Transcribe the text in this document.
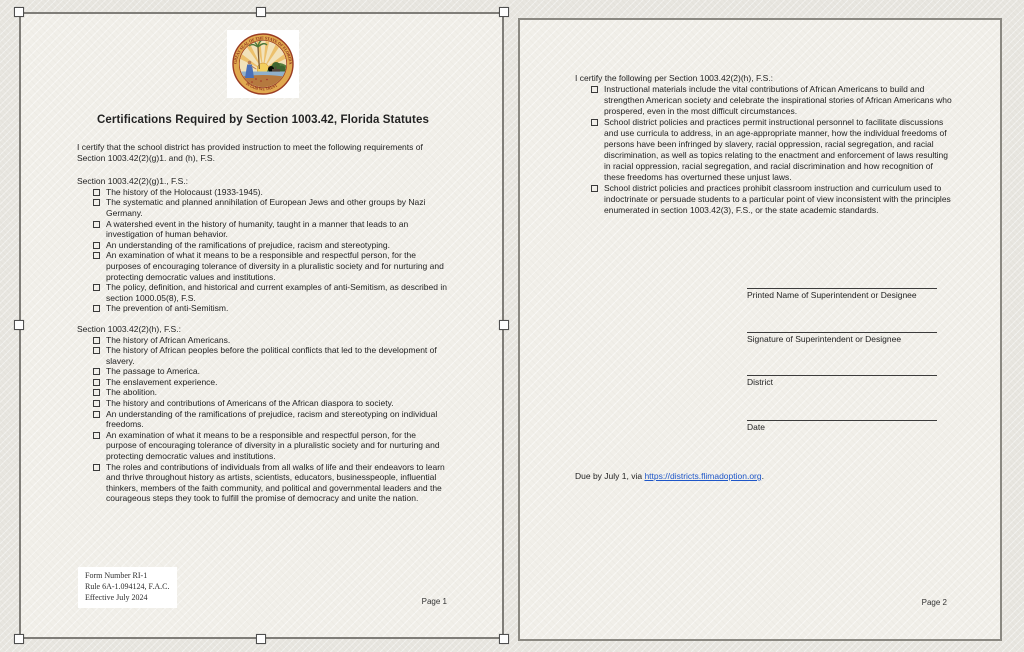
GREAT SEAL OF THE STATE OF FLORIDA
IN GOD WE TRUST
Certifications Required by Section 1003.42, Florida Statutes
I certify that the school district has provided instruction to meet the following requirements of Section 1003.42(2)(g)1. and (h), F.S.
Section 1003.42(2)(g)1., F.S.:
The history of the Holocaust (1933-1945).
The systematic and planned annihilation of European Jews and other groups by Nazi Germany.
A watershed event in the history of humanity, taught in a manner that leads to an investigation of human behavior.
An understanding of the ramifications of prejudice, racism and stereotyping.
An examination of what it means to be a responsible and respectful person, for the purposes of encouraging tolerance of diversity in a pluralistic society and for nurturing and protecting democratic values and institutions.
The policy, definition, and historical and current examples of anti-Semitism, as described in section 1000.05(8), F.S.
The prevention of anti-Semitism.
Section 1003.42(2)(h), F.S.:
The history of African Americans.
The history of African peoples before the political conflicts that led to the development of slavery.
The passage to America.
The enslavement experience.
The abolition.
The history and contributions of Americans of the African diaspora to society.
An understanding of the ramifications of prejudice, racism and stereotyping on individual freedoms.
An examination of what it means to be a responsible and respectful person, for the purpose of encouraging tolerance of diversity in a pluralistic society and for nurturing and protecting democratic values and institutions.
The roles and contributions of individuals from all walks of life and their endeavors to learn and thrive throughout history as artists, scientists, educators, businesspeople, influential thinkers, members of the faith community, and political and governmental leaders and the courageous steps they took to fulfill the promise of democracy and unite the nation.
Form Number RI-1
Rule 6A-1.094124, F.A.C.
Effective July 2024	Page 1
I certify the following per Section 1003.42(2)(h), F.S.:
Instructional materials include the vital contributions of African Americans to build and strengthen American society and celebrate the inspirational stories of African Americans who prospered, even in the most difficult circumstances.
School district policies and practices permit instructional personnel to facilitate discussions and use curricula to address, in an age-appropriate manner, how the individual freedoms of persons have been infringed by slavery, racial oppression, racial segregation, and racial discrimination, as well as topics relating to the enactment and enforcement of laws resulting in racial oppression, racial segregation, and racial discrimination and how recognition of these freedoms has overturned these unjust laws.
School district policies and practices prohibit classroom instruction and curriculum used to indoctrinate or persuade students to a particular point of view inconsistent with the principles enumerated in section 1003.42(3), F.S., or the state academic standards.
Printed Name of Superintendent or Designee
Signature of Superintendent or Designee
District
Date
Due by July 1, via https://districts.flimadoption.org.
Page 2
